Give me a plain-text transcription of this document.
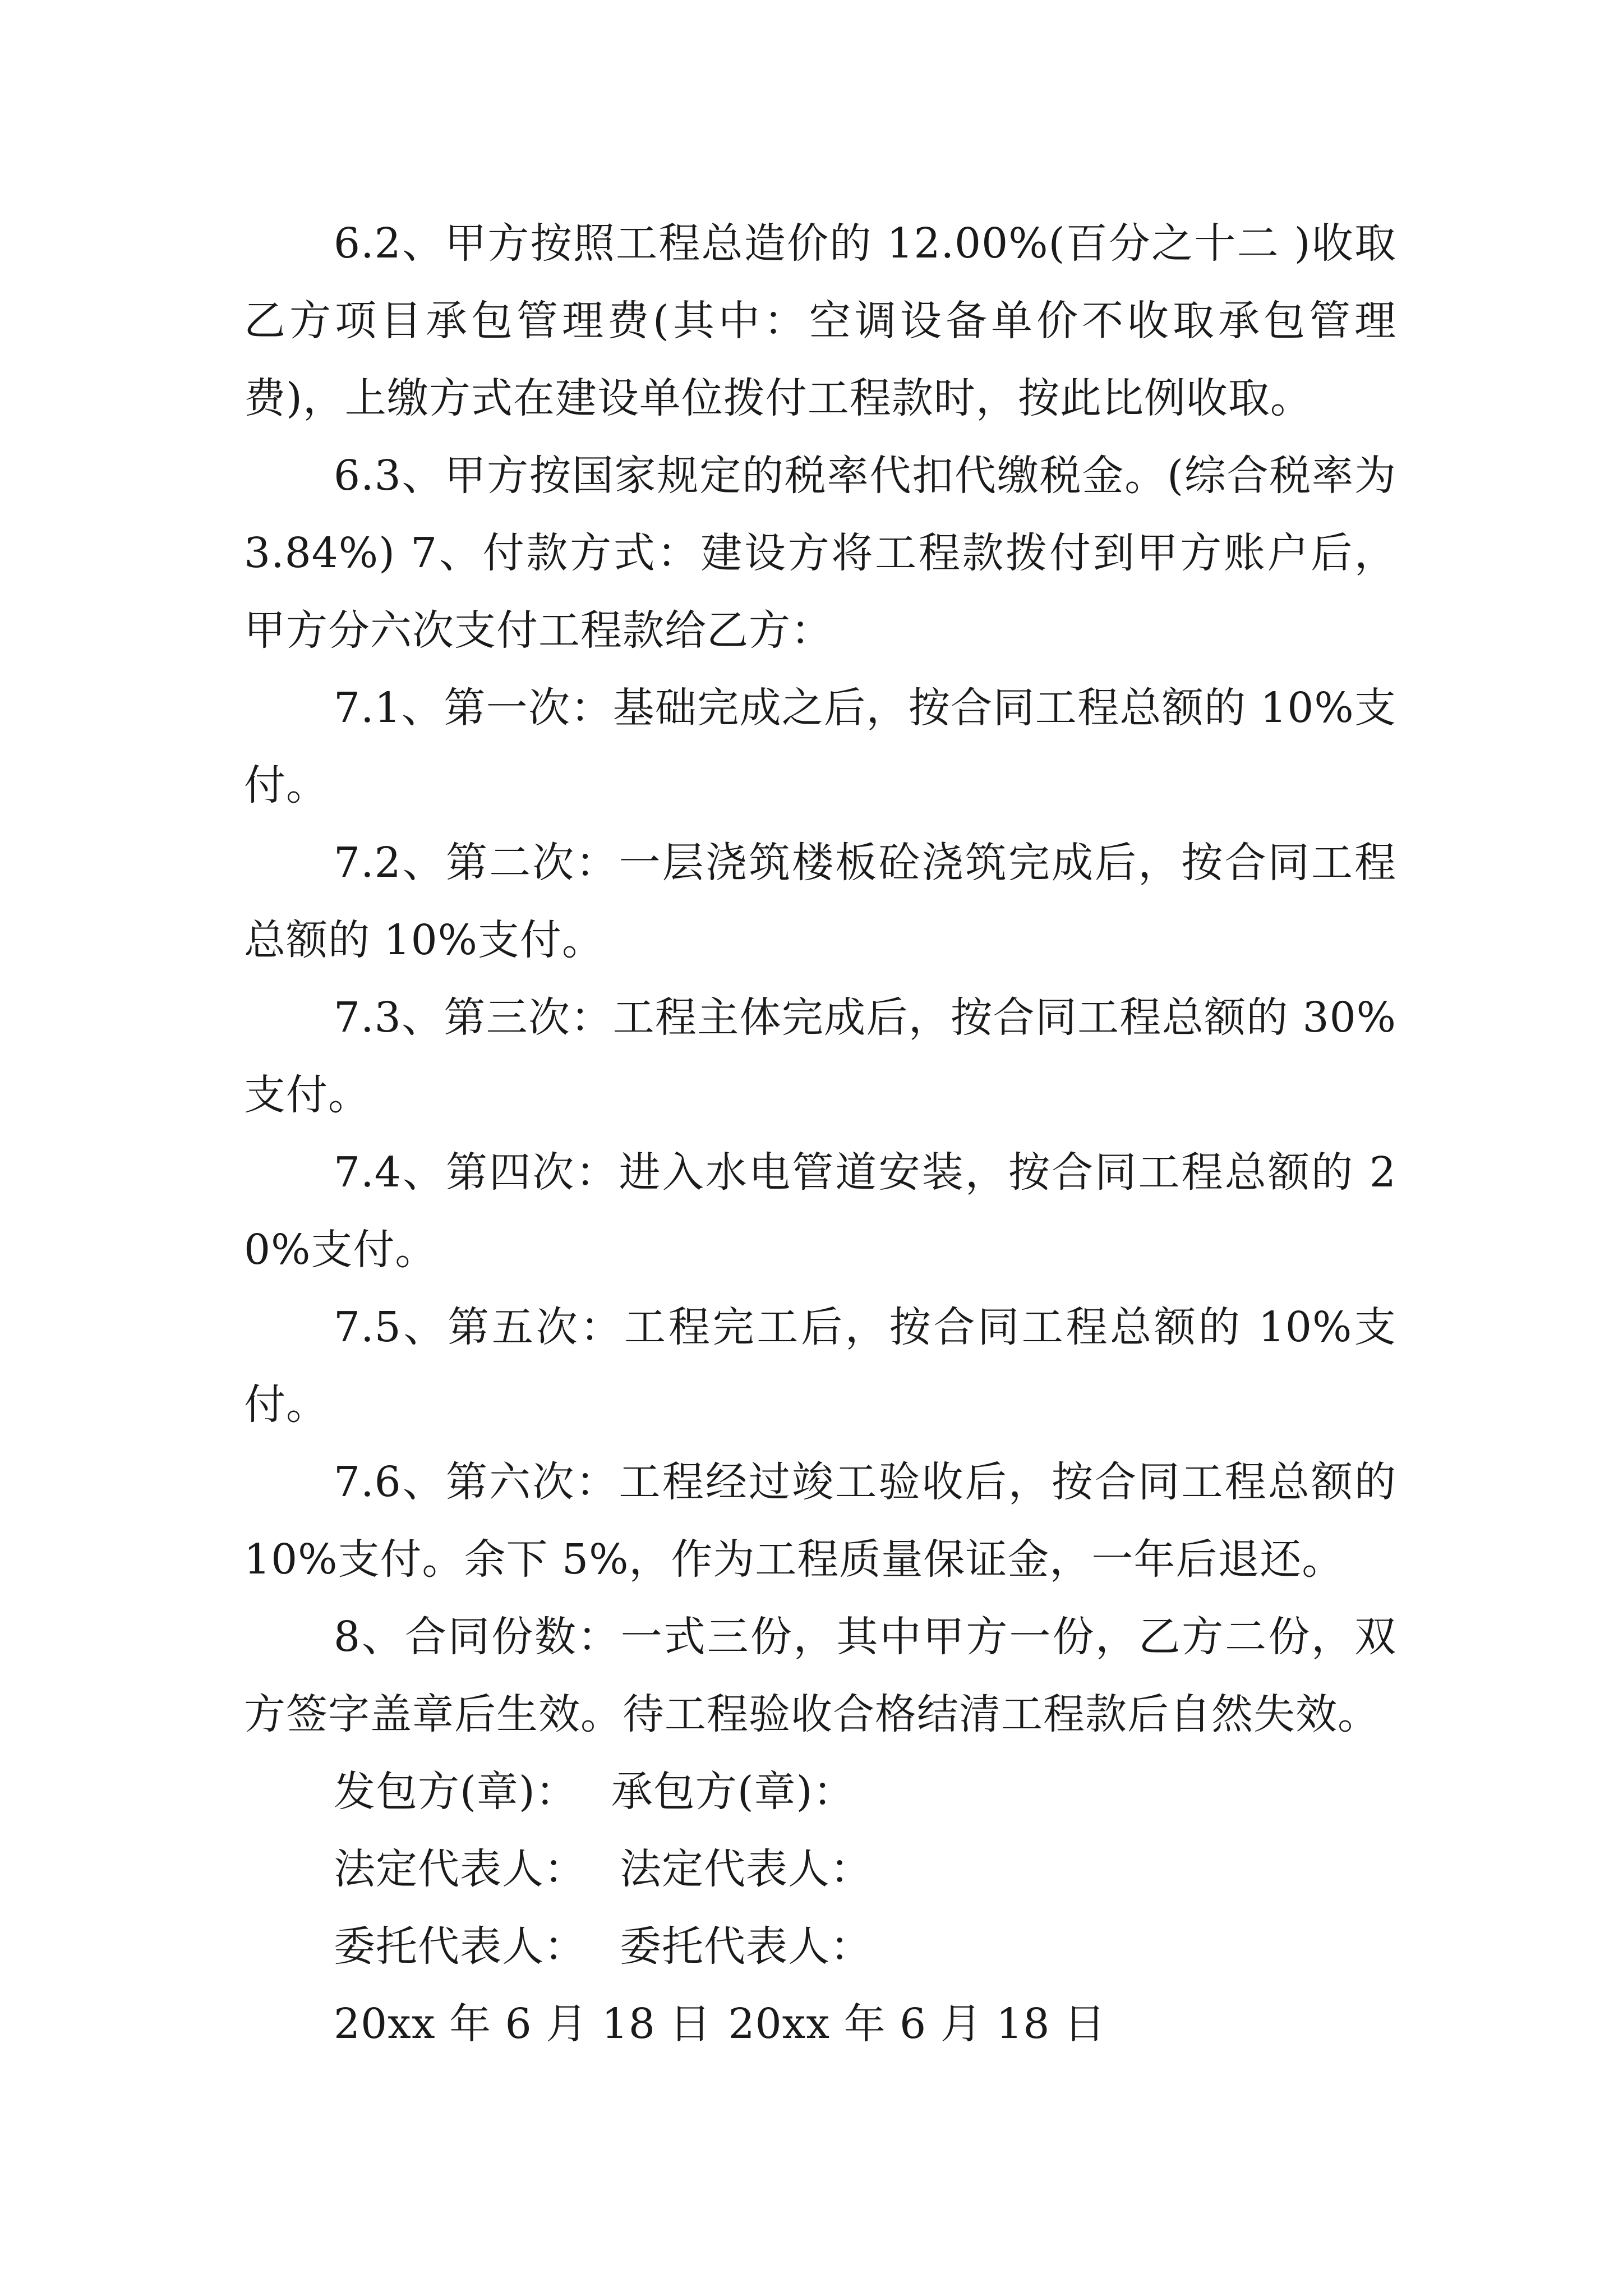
6.2、甲方按照工程总造价的 12.00%(百分之十二 )收取乙方项目承包管理费(其中：空调设备单价不收取承包管理费)，上缴方式在建设单位拨付工程款时，按此比例收取。

6.3、甲方按国家规定的税率代扣代缴税金。(综合税率为 3.84%) 7、付款方式：建设方将工程款拨付到甲方账户后，甲方分六次支付工程款给乙方：

7.1、第一次：基础完成之后，按合同工程总额的 10%支付。

7.2、第二次：一层浇筑楼板砼浇筑完成后，按合同工程总额的 10%支付。

7.3、第三次：工程主体完成后，按合同工程总额的 30%支付。

7.4、第四次：进入水电管道安装，按合同工程总额的 20%支付。

7.5、第五次：工程完工后，按合同工程总额的 10%支付。

7.6、第六次：工程经过竣工验收后，按合同工程总额的 10%支付。余下 5%，作为工程质量保证金，一年后退还。

8、合同份数：一式三份，其中甲方一份，乙方二份，双方签字盖章后生效。待工程验收合格结清工程款后自然失效。

发包方(章)： 承包方(章)：

法定代表人： 法定代表人：

委托代表人： 委托代表人：

20xx 年 6 月 18 日 20xx 年 6 月 18 日
